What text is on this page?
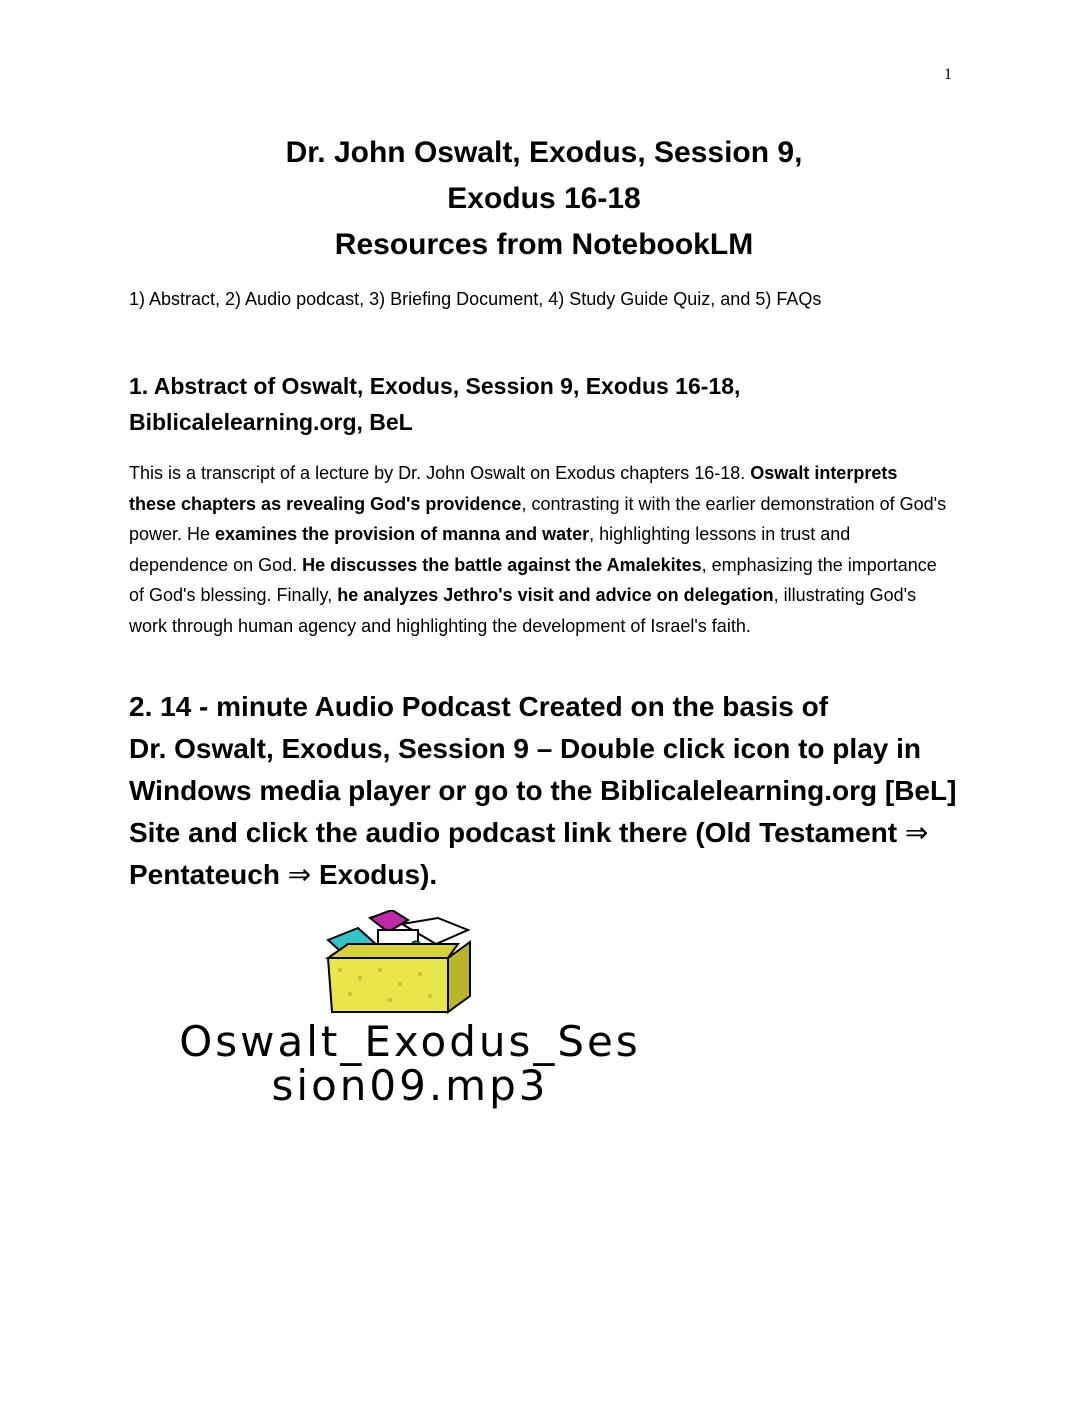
1

Dr. John Oswalt, Exodus, Session 9,

Exodus 16-18

Resources from NotebookLM

1) Abstract, 2) Audio podcast, 3) Briefing Document, 4) Study Guide Quiz, and 5) FAQs
1. Abstract of Oswalt, Exodus, Session 9, Exodus 16-18,
Biblicalelearning.org, BeL

This is a transcript of a lecture by Dr. John Oswalt on Exodus chapters 16-18. Oswalt interprets these chapters as revealing God's providence, contrasting it with the earlier demonstration of God's power. He examines the provision of manna and water, highlighting lessons in trust and dependence on God. He discusses the battle against the Amalekites, emphasizing the importance of God's blessing. Finally, he analyzes Jethro's visit and advice on delegation, illustrating God's work through human agency and highlighting the development of Israel's faith.

2. 14 - minute Audio Podcast Created on the basis of
Dr. Oswalt, Exodus, Session 9 – Double click icon to play in Windows media player or go to the Biblicalelearning.org [BeL] Site and click the audio podcast link there (Old Testament ⇒ Pentateuch ⇒ Exodus).
Oswalt_Exodus_Ses
sion09.mp3
